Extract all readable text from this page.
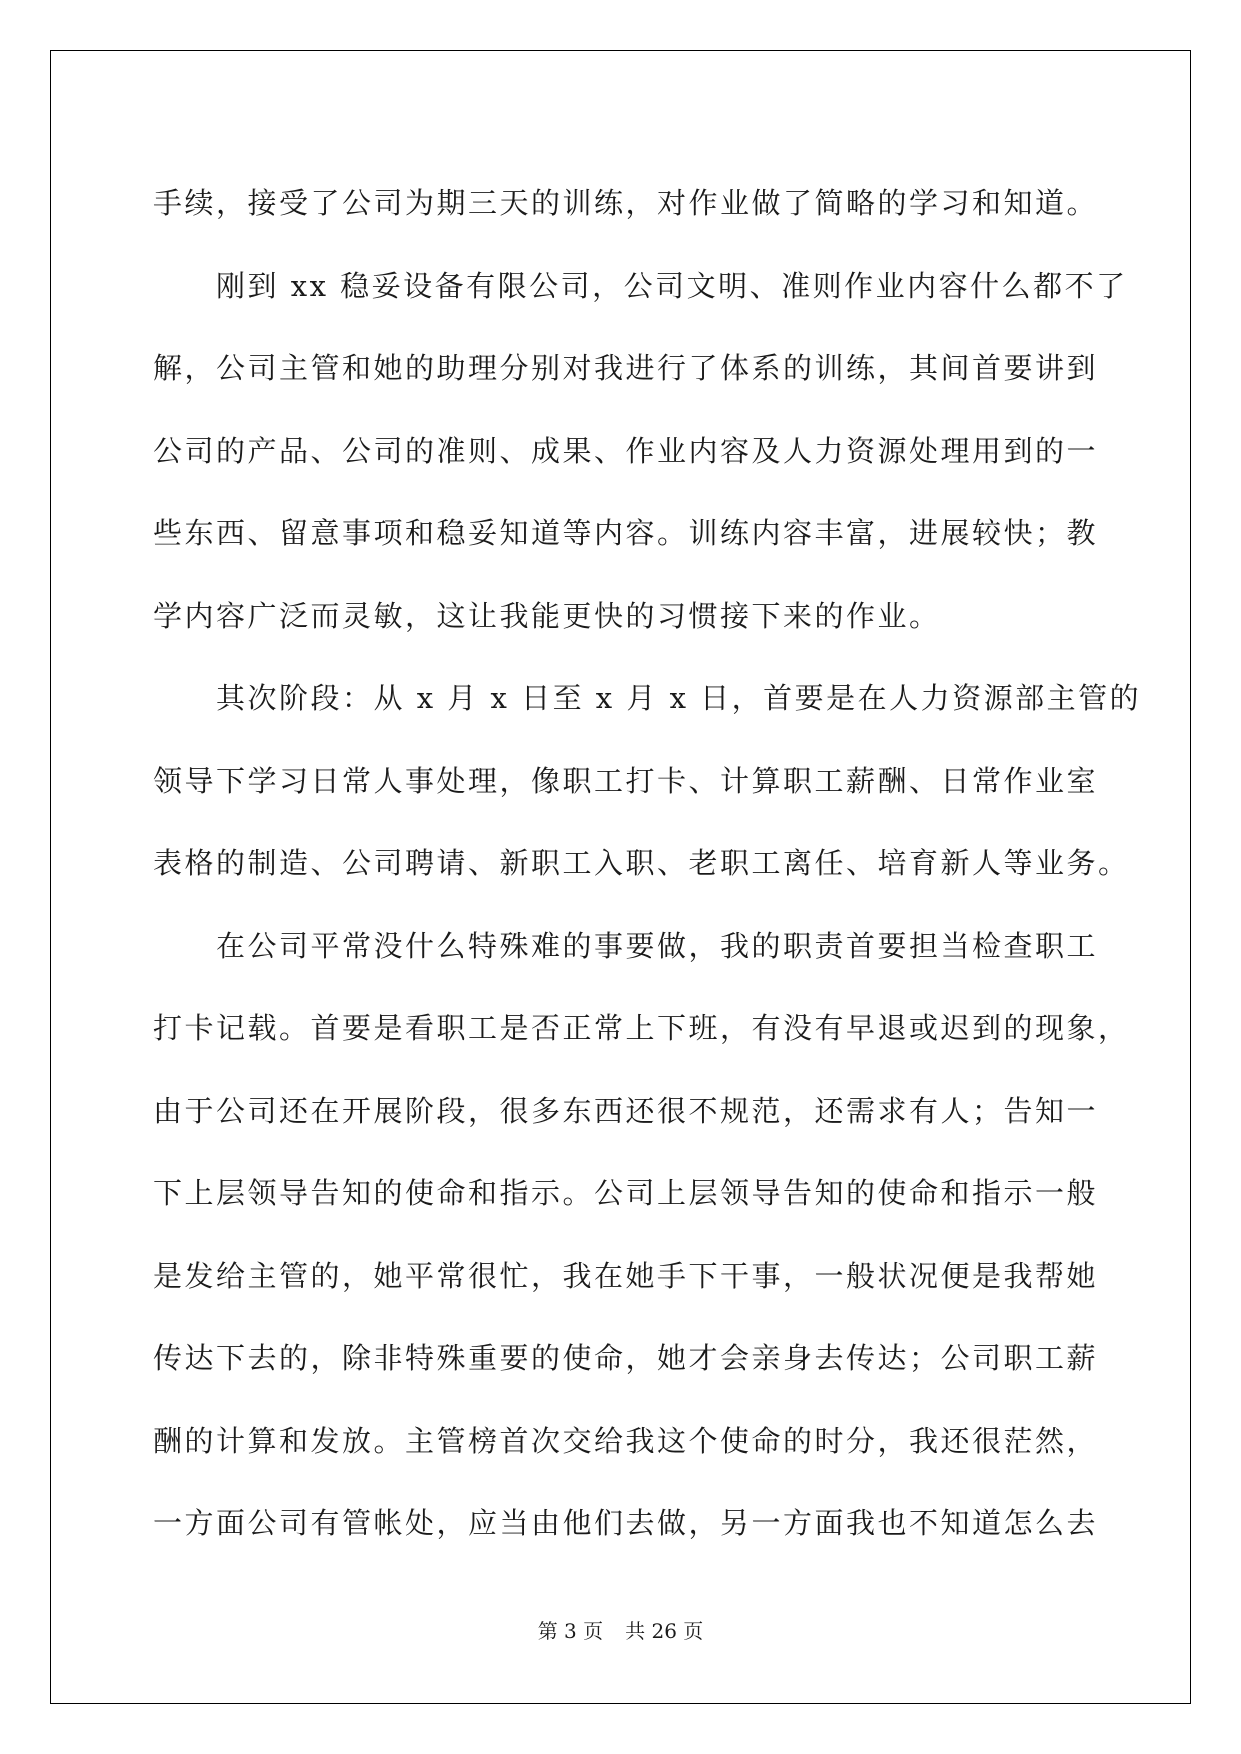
手续，接受了公司为期三天的训练，对作业做了简略的学习和知道。
　　刚到 xx 稳妥设备有限公司，公司文明、准则作业内容什么都不了
解，公司主管和她的助理分别对我进行了体系的训练，其间首要讲到
公司的产品、公司的准则、成果、作业内容及人力资源处理用到的一
些东西、留意事项和稳妥知道等内容。训练内容丰富，进展较快；教
学内容广泛而灵敏，这让我能更快的习惯接下来的作业。
　　其次阶段：从 x 月 x 日至 x 月 x 日，首要是在人力资源部主管的
领导下学习日常人事处理，像职工打卡、计算职工薪酬、日常作业室
表格的制造、公司聘请、新职工入职、老职工离任、培育新人等业务。
　　在公司平常没什么特殊难的事要做，我的职责首要担当检查职工
打卡记载。首要是看职工是否正常上下班，有没有早退或迟到的现象，
由于公司还在开展阶段，很多东西还很不规范，还需求有人；告知一
下上层领导告知的使命和指示。公司上层领导告知的使命和指示一般
是发给主管的，她平常很忙，我在她手下干事，一般状况便是我帮她
传达下去的，除非特殊重要的使命，她才会亲身去传达；公司职工薪
酬的计算和发放。主管榜首次交给我这个使命的时分，我还很茫然，
一方面公司有管帐处，应当由他们去做，另一方面我也不知道怎么去
第 3 页 共 26 页
